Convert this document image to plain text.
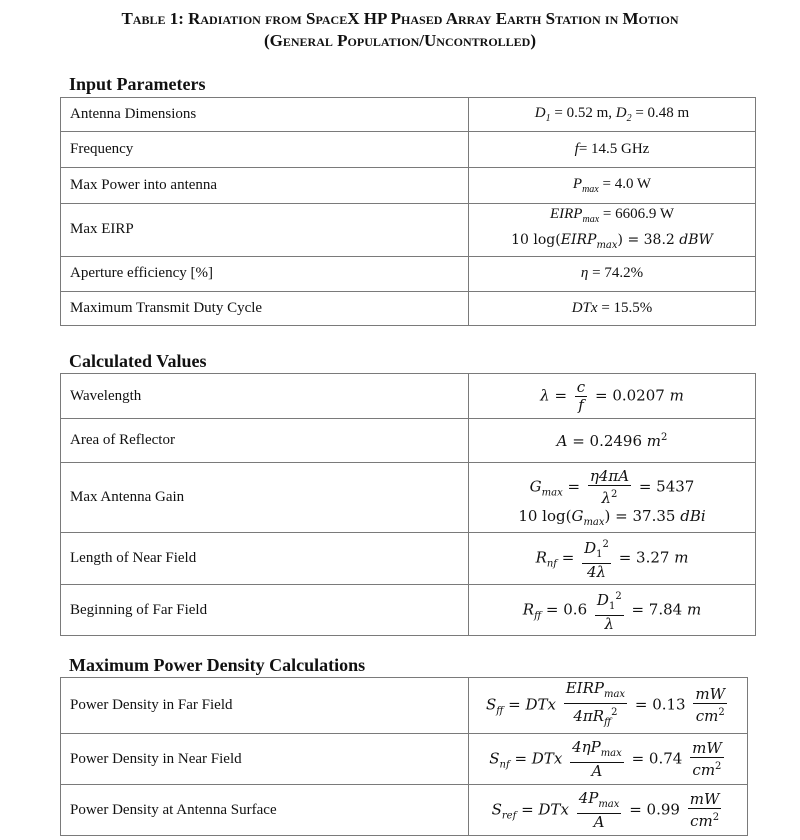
Table 1: Radiation from SpaceX HP Phased Array Earth Station in Motion
(General Population/Uncontrolled)
Input Parameters
Antenna Dimensions	$D_1 = 0.52$ m, $D_2 = 0.48$ m
Frequency	f= 14.5 GHz
Max Power into antenna	$P_{max} = 4.0$ W
Max EIRP	$EIRP_{max} = 6606.9$ W
10 $\log(EIRP_{max}) = 38.2$ dBW

Aperture efficiency [%]	η = 74.2%
Maximum Transmit Duty Cycle	DTx = 15.5%
Calculated Values
Wavelength	$\lambda = \frac{c}{f} = 0.0207$ m
Area of Reflector	A = 0.2496 $m^2$
Max Antenna Gain	$G_{max} = \frac{\eta 4\pi A}{\lambda^2} = 5437$
10 $\log(G_{max}) = 37.35$ dBi

Length of Near Field	$R_{nf} = \frac{D_1^2}{4\lambda} = 3.27$ m
Beginning of Far Field	$R_{ff} = 0.6 \frac{D_1^2}{\lambda} = 7.84$ m
Maximum Power Density Calculations
Power Density in Far Field	$S_{ff}$ = DTx $\frac{EIRP_{max}}{4\pi R_{ff}^2} = 0.13 \frac{mW}{cm^2}$

Power Density in Near Field	$S_{nf}$ = DTx $\frac{4\eta P_{max}}{A} = 0.74 \frac{mW}{cm^2}$

Power Density at Antenna Surface	$S_{ref}$ = DTx $\frac{4P_{max}}{A} = 0.99 \frac{mW}{cm^2}$
